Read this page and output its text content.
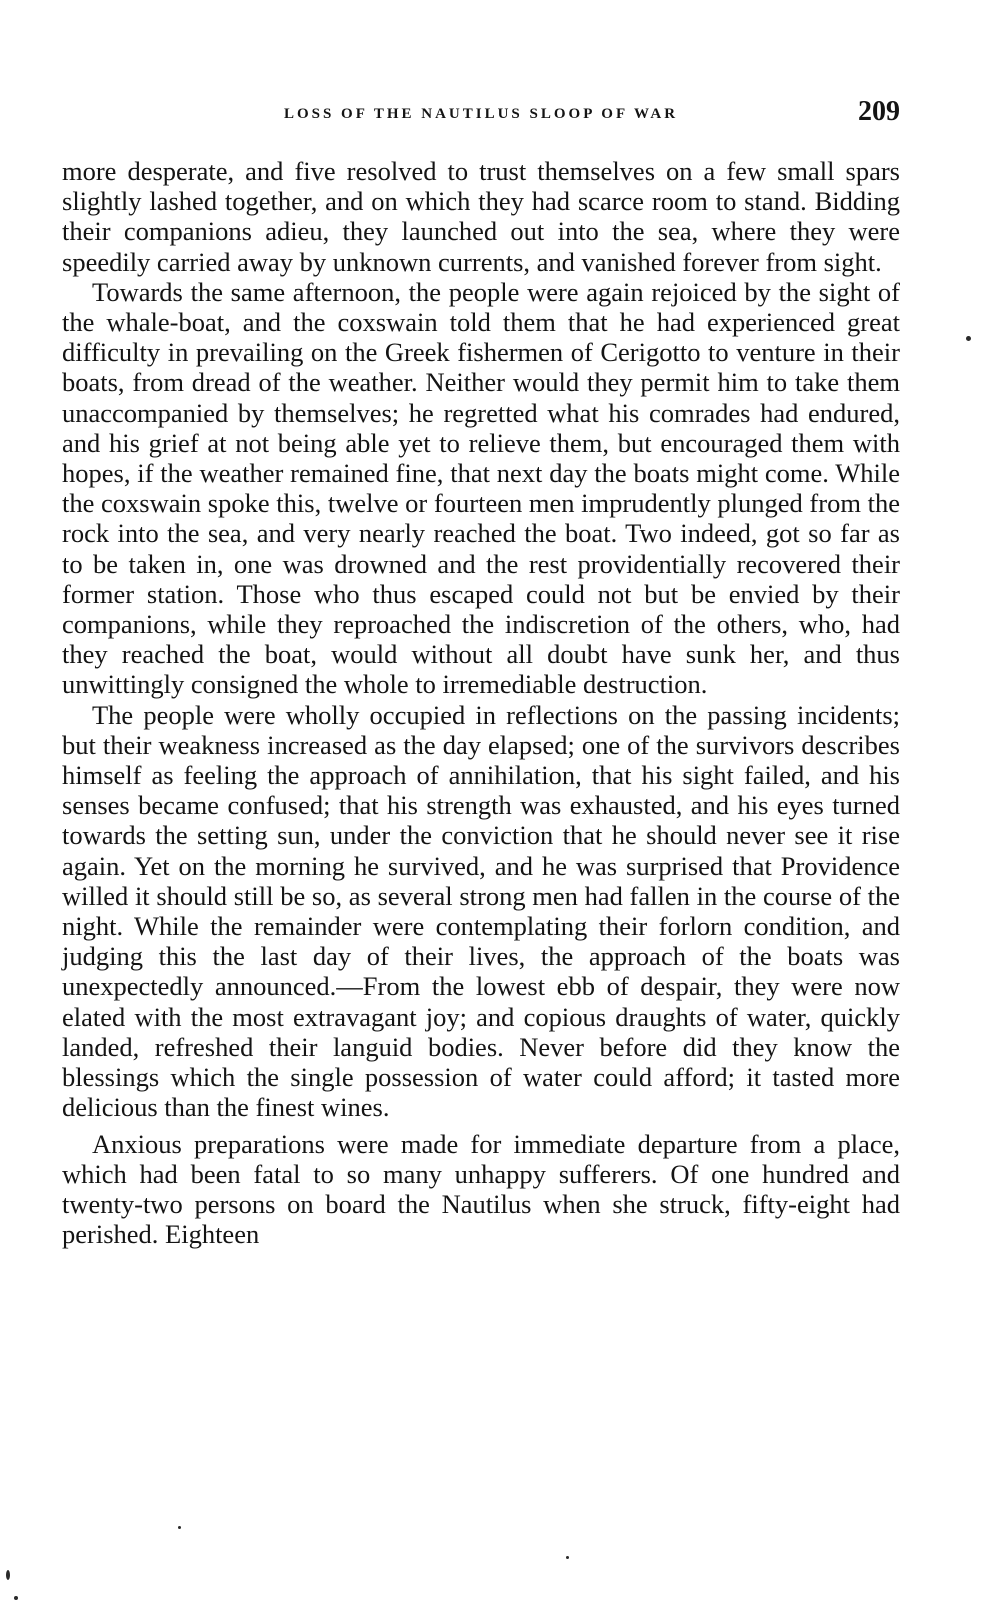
LOSS OF THE NAUTILUS SLOOP OF WAR	209

more desperate, and five resolved to trust themselves on a few small spars slightly lashed together, and on which they had scarce room to stand. Bidding their companions adieu, they launched out into the sea, where they were speedily carried away by unknown currents, and vanished forever from sight.

Towards the same afternoon, the people were again rejoiced by the sight of the whale-boat, and the coxswain told them that he had experienced great difficulty in prevailing on the Greek fishermen of Cerigotto to venture in their boats, from dread of the weather. Neither would they permit him to take them unaccompanied by themselves; he regretted what his comrades had endured, and his grief at not being able yet to relieve them, but encouraged them with hopes, if the weather remained fine, that next day the boats might come. While the coxswain spoke this, twelve or fourteen men imprudently plunged from the rock into the sea, and very nearly reached the boat. Two indeed, got so far as to be taken in, one was drowned and the rest providentially recovered their former station. Those who thus escaped could not but be envied by their companions, while they reproached the indiscretion of the others, who, had they reached the boat, would without all doubt have sunk her, and thus unwittingly consigned the whole to irremediable destruction.

The people were wholly occupied in reflections on the passing incidents; but their weakness increased as the day elapsed; one of the survivors describes himself as feeling the approach of annihilation, that his sight failed, and his senses became confused; that his strength was exhausted, and his eyes turned towards the setting sun, under the conviction that he should never see it rise again. Yet on the morning he survived, and he was surprised that Providence willed it should still be so, as several strong men had fallen in the course of the night. While the remainder were contemplating their forlorn condition, and judging this the last day of their lives, the approach of the boats was unexpectedly announced.—From the lowest ebb of despair, they were now elated with the most extravagant joy; and copious draughts of water, quickly landed, refreshed their languid bodies. Never before did they know the blessings which the single possession of water could afford; it tasted more delicious than the finest wines.

Anxious preparations were made for immediate departure from a place, which had been fatal to so many unhappy sufferers. Of one hundred and twenty-two persons on board the Nautilus when she struck, fifty-eight had perished. Eighteen
